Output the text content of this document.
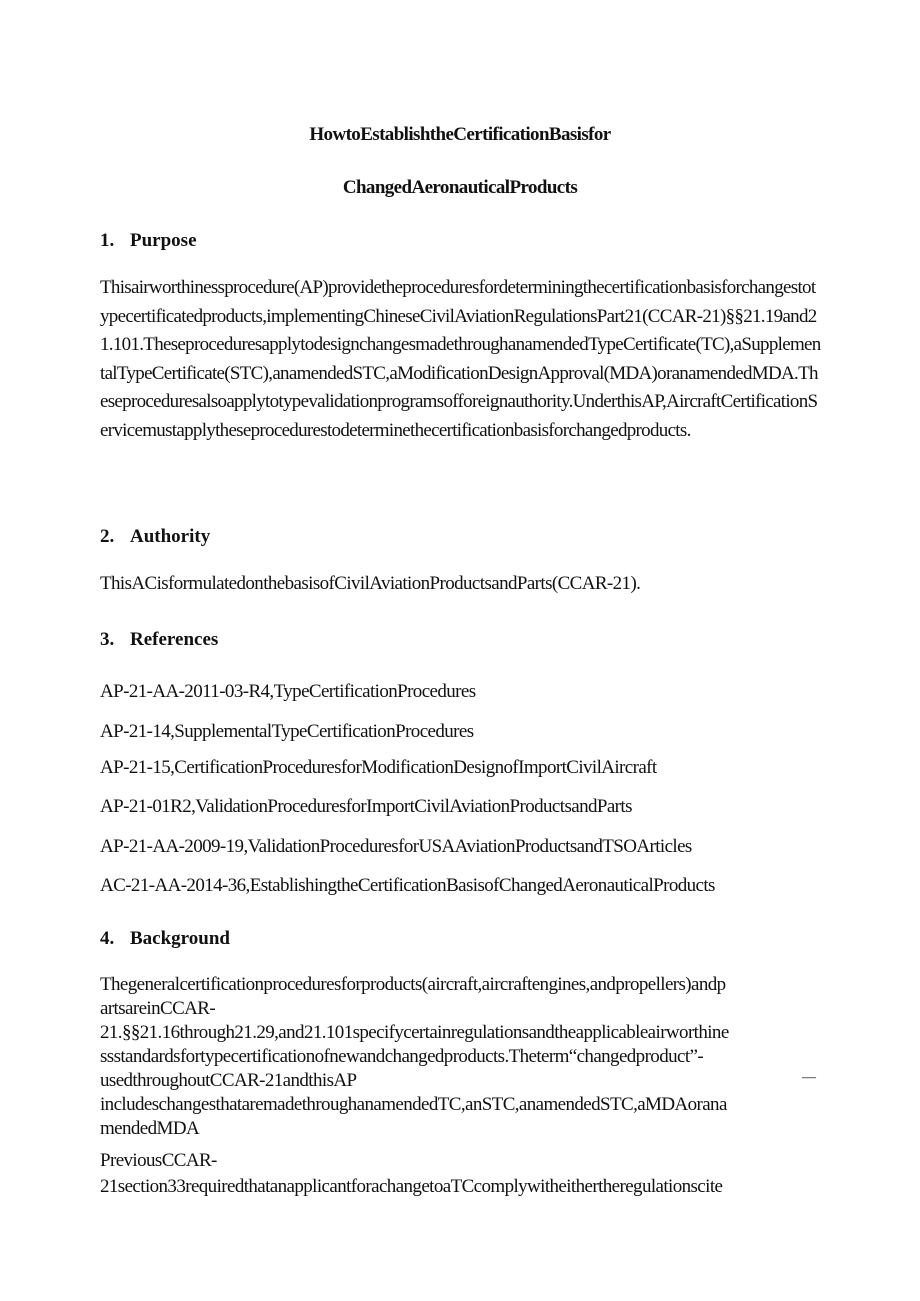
HowtoEstablishtheCertificationBasisfor
ChangedAeronauticalProducts
1. Purpose
Thisairworthinessprocedure(AP)providetheproceduresfordeterminingthecertificationbasisforchangestotypecertificatedproducts,implementingChineseCivilAviationRegulationsPart21(CCAR-21)§§21.19and21.101.TheseproceduresapplytodesignchangesmadethroughanamendedTypeCertificate(TC),aSupplementalTypeCertificate(STC),anamendedSTC,aModificationDesignApproval(MDA)oranamendedMDA.Theseproceduresalsoapplytotypevalidationprogramsofforeignauthority.UnderthisAP,AircraftCertificationServicemustapplytheseprocedurestodeterminethecertificationbasisforchangedproducts.
2. Authority
ThisACisformulatedonthebasisofCivilAviationProductsandParts(CCAR-21).
3. References
AP-21-AA-2011-03-R4,TypeCertificationProcedures
AP-21-14,SupplementalTypeCertificationProcedures
AP-21-15,CertificationProceduresforModificationDesignofImportCivilAircraft
AP-21-01R2,ValidationProceduresforImportCivilAviationProductsandParts
AP-21-AA-2009-19,ValidationProceduresforUSAAviationProductsandTSOArticles
AC-21-AA-2014-36,EstablishingtheCertificationBasisofChangedAeronauticalProducts
4. Background
Thegeneralcertificationproceduresforproducts(aircraft,aircraftengines,andpropellers)andp
artsareinCCAR-
21.§§21.16through21.29,and21.101specifycertainregulationsandtheapplicableairworthine
ssstandardsfortypecertificationofnewandchangedproducts.Theterm“changedproduct”-
usedthroughoutCCAR-21andthisAP	—
includeschangesthataremadethroughanamendedTC,anSTC,anamendedSTC,aMDAorana
mendedMDA
PreviousCCAR-
21section33requiredthatanapplicantforachangetoaTCcomplywitheithertheregulationscite
